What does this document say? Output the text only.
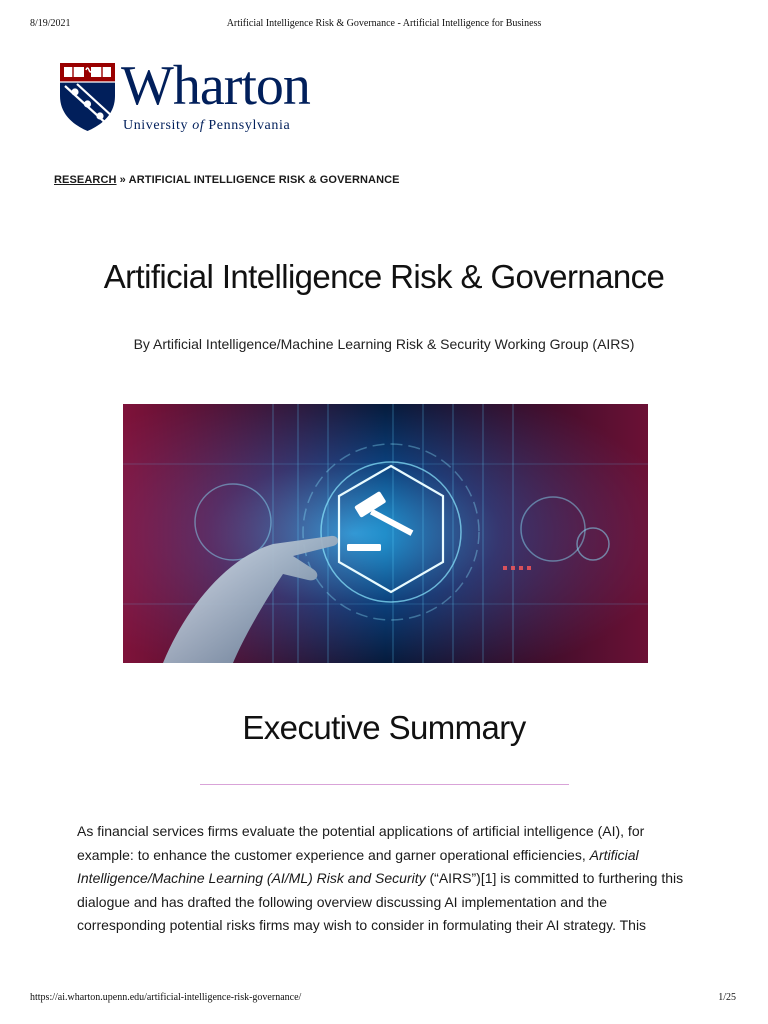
8/19/2021	Artificial Intelligence Risk & Governance - Artificial Intelligence for Business
Wharton
University of Pennsylvania
RESEARCH » ARTIFICIAL INTELLIGENCE RISK & GOVERNANCE
Artificial Intelligence Risk & Governance
By Artificial Intelligence/Machine Learning Risk & Security Working Group (AIRS)
Executive Summary

As financial services firms evaluate the potential applications of artificial intelligence (AI), for example: to enhance the customer experience and garner operational efficiencies, Artificial Intelligence/Machine Learning (AI/ML) Risk and Security (“AIRS”)[1] is committed to furthering this dialogue and has drafted the following overview discussing AI implementation and the corresponding potential risks firms may wish to consider in formulating their AI strategy. This

https://ai.wharton.upenn.edu/artificial-intelligence-risk-governance/	1/25
